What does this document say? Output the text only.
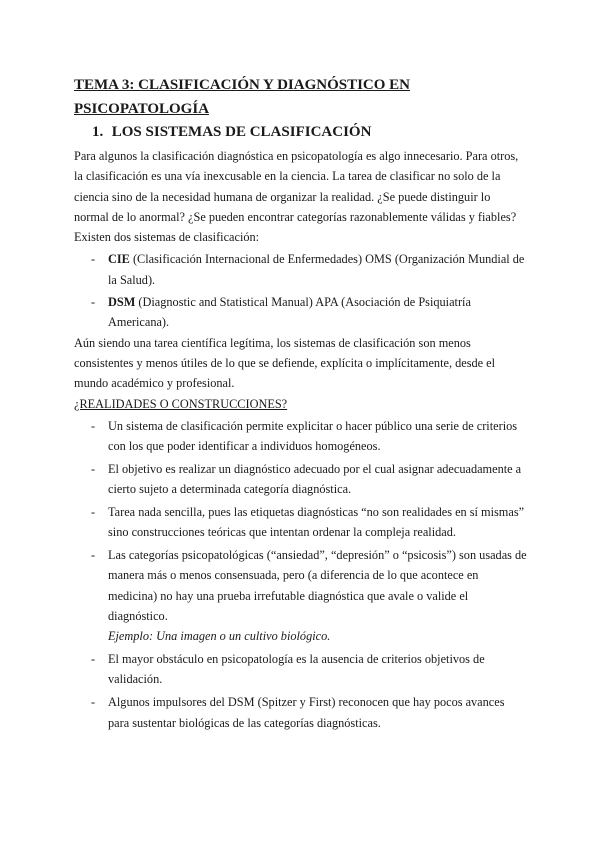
TEMA 3: CLASIFICACIÓN Y DIAGNÓSTICO EN PSICOPATOLOGÍA
1. LOS SISTEMAS DE CLASIFICACIÓN

Para algunos la clasificación diagnóstica en psicopatología es algo innecesario. Para otros, la clasificación es una vía inexcusable en la ciencia. La tarea de clasificar no solo de la ciencia sino de la necesidad humana de organizar la realidad. ¿Se puede distinguir lo normal de lo anormal? ¿Se pueden encontrar categorías razonablemente válidas y fiables?

Existen dos sistemas de clasificación:

- CIE (Clasificación Internacional de Enfermedades) OMS (Organización Mundial de la Salud).
- DSM (Diagnostic and Statistical Manual) APA (Asociación de Psiquiatría Americana).

Aún siendo una tarea científica legítima, los sistemas de clasificación son menos consistentes y menos útiles de lo que se defiende, explícita o implícitamente, desde el mundo académico y profesional.

¿REALIDADES O CONSTRUCCIONES?

- Un sistema de clasificación permite explicitar o hacer público una serie de criterios con los que poder identificar a individuos homogéneos.
- El objetivo es realizar un diagnóstico adecuado por el cual asignar adecuadamente a cierto sujeto a determinada categoría diagnóstica.
- Tarea nada sencilla, pues las etiquetas diagnósticas “no son realidades en sí mismas” sino construcciones teóricas que intentan ordenar la compleja realidad.
- Las categorías psicopatológicas (“ansiedad”, “depresión” o “psicosis”) son usadas de manera más o menos consensuada, pero (a diferencia de lo que acontece en medicina) no hay una prueba irrefutable diagnóstica que avale o valide el diagnóstico.
Ejemplo: Una imagen o un cultivo biológico.
- El mayor obstáculo en psicopatología es la ausencia de criterios objetivos de validación.
- Algunos impulsores del DSM (Spitzer y First) reconocen que hay pocos avances para sustentar biológicas de las categorías diagnósticas.
